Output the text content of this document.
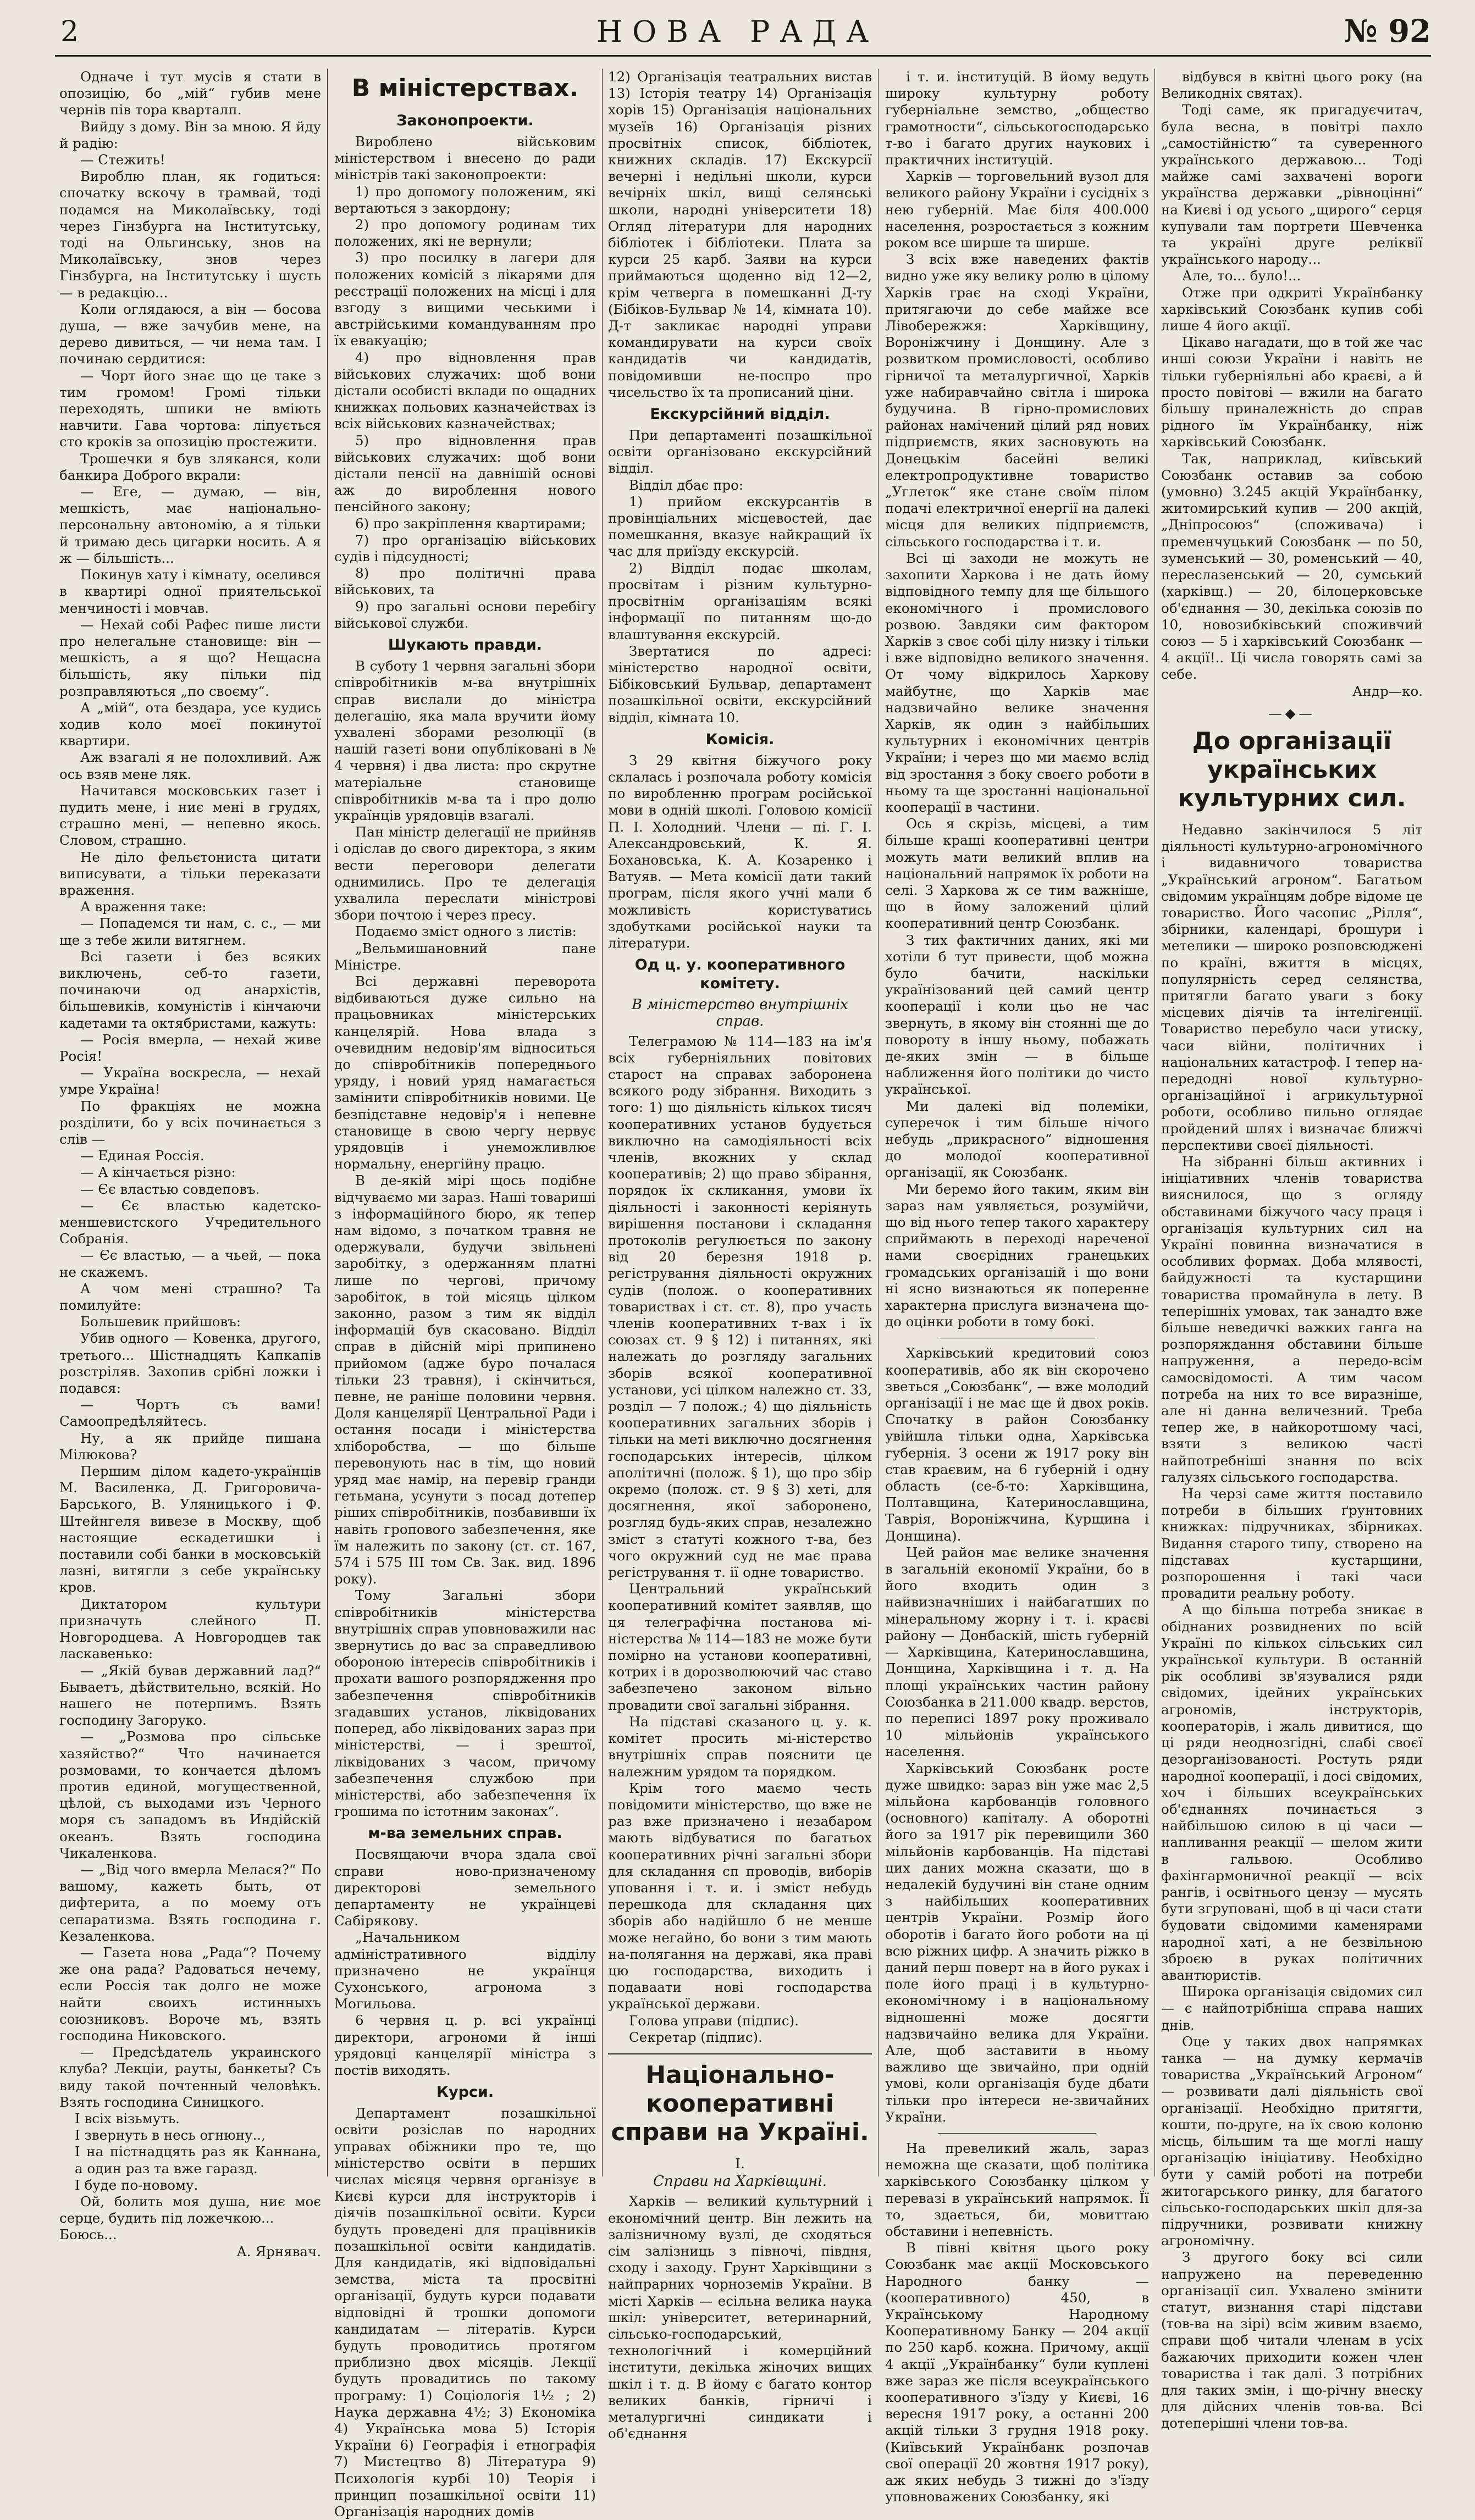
2	НОВА РАДА	№ 92

Одначе і тут мусів я стати в опозицію, бо „мій“ губив мене чернів пів тора кварталп.

Вийду з дому. Він за мною. Я йду й радію:

— Стежить!

Вироблю план, як годиться: спочатку вскочу в трамвай, тоді подамся на Миколаївську, тоді через Гінзбурга на Інститутську, тоді на Ольгинську, знов на Миколаївську, знов через Гінзбурга, на Інститутську і шусть — в редакцію...

Коли оглядаюся, а він — босова душа, — вже зачубив мене, на дерево дивиться, — чи нема там. І починаю сердитися:

— Чорт його знає що це таке з тим громом! Громі тільки переходять, шпики не вміють навчити. Гава чортова: ліпується сто кроків за опозицію простежити.

Трошечки я був зляканся, коли банкира Доброго вкрали:

— Еге, — думаю, — він, мешкість, має національно-персональну автономію, а я тільки й тримаю десь цигарки носить. А я ж — більшість...

Покинув хату і кімнату, оселився в квартирі одної приятельської менчиності і мовчав.

— Нехай собі Рафес пише листи про нелегальне становище: він — мешкість, а я що? Нещасна більшість, яку пільки під розправляються „по своєму“.

А „мій“, ота бездара, усе кудись ходив коло моєї покинутої квартири.

Аж взагалі я не полохливий. Аж ось взяв мене ляк.

Начитався московських газет і пудить мене, і ниє мені в грудях, страшно мені, — непевно якось. Словом, страшно.

Не діло фельєтониста цитати виписувати, а тільки переказати враження.

А враження таке:

— Попадемся ти нам, с. с., — ми ще з тебе жили витягнем.

Всі газети і без всяких виключень, себ-то газети, починаючи од анархістів, більшевиків, комуністів і кінчаючи кадетами та октябристами, кажуть:

— Росія вмерла, — нехай живе Росія!

— Україна воскресла, — нехай умре Україна!

По фракціях не можна розділити, бо у всіх починається з слів —

— Единая Россія.

— А кінчається різно:

— Єє властью совдеповъ.

— Єє властью кадетско-меншевистского Учредительного Собранія.

— Єє властью, — а чьей, — пока не скажемъ.

А чом мені страшно? Та помилуйте:

Большевик прийшовъ:

Убив одного — Ковенка, другого, третього... Шістнадцять Капкапів розстріляв. Захопив срібні ложки і подався:

— Чортъ съ вами! Самоопредѣляйтесь.

Ну, а як прийде пишана Мілюкова?

Першим ділом кадето-українців М. Василенка, Д. Григоровича-Барського, В. Уляницького і Ф. Штейнгеля вивезе в Москву, щоб настоящие ескадетишки і поставили собі банки в московській лазні, витягли з себе українську кров.

Диктатором культури призначуть слейного П. Новгородцева. А Новгородцев так ласкавенько:

— „Якій бував державний лад?“ Бываетъ, дѣйствительно, всякій. Но нашего не потерпимъ. Взять господину Загоруко.

— „Розмова про сільське хазяйство?“ Что начинается розмовами, то кончается дѣломъ против единой, могущественной, цѣлой, съ выходами изъ Черного моря съ западомъ въ Индійскій океанъ. Взять господина Чикаленкова.

— „Від чого вмерла Мелася?“ По вашому, кажеть быть, от дифтерита, а по моему отъ сепаратизма. Взять господина г. Кезаленкова.

— Газета нова „Рада“? Почему же она рада? Радоваться нечему, если Россія так долго не може найти своихъ истинныхъ союзниковъ. Вороче мъ, взять господина Никовского.

— Предсѣдатель украинского клуба? Лекціи, рауты, банкеты? Съ виду такой почтенный человѣкъ. Взять господина Синицкого.

І всіх візьмуть.

І звернуть в несь огнюну..,

І на пістнадцять раз як Каннана, а один раз та вже гаразд.

І буде по-новому.

Ой, болить моя душа, ниє моє серце, будить під ложечкою...

Боюсь...

А. Ярнявач.

В міністерствах.
Законопроекти.

Вироблено військовим міністерством і внесено до ради міністрів такі законопроекти:

1) про допомогу положеним, які вертаються з закордону;

2) про допомогу родинам тих положених, які не вернули;

3) про посилку в лагери для положених комісій з лікарями для реєстрації положених на місці і для взгоду з вищими чеськими і австрійськими командуванням про їх евакуацію;

4) про відновлення прав військових служачих: щоб вони дістали особисті вклади по ощадних книжках польових казначействах із всіх військових казначействах;

5) про відновлення прав військових служачих: щоб вони дістали пенсії на давнішій основі аж до вироблення нового пенсійного закону;

6) про закріплення квартирами;

7) про організацію військових судів і підсудності;

8) про політичні права військових, та

9) про загальні основи перебігу військової служби.

Шукають правди.

В суботу 1 червня загальні збори співробітників м-ва внутрішніх справ вислали до міністра делегацію, яка мала вручити йому ухвалені зборами резолюції (в нашій газеті вони опубліковані в № 4 червня) і два листа: про скрутне матеріальне становище співробітників м-ва та і про долю українців урядовців взагалі.

Пан міністр делегації не прийняв і одіслав до свого директора, з яким вести переговори делегати однимились. Про те делегація ухвалила переслати міністрові збори почтою і через пресу.

Подаємо зміст одного з листів:

„Вельмишановний пане Міністре.

Всі державні переворота відбиваються дуже сильно на працьовниках міністерських канцелярій. Нова влада з очевидним недовір'ям відноситься до співробітників попереднього уряду, і новий уряд намагається замінити співробітників новими. Це безпідставне недовір'я і непевне становище в свою чергу нервує урядовців і унеможливлює нормальну, енергійну працю.

В де-якій мірі щось подібне відчуваємо ми зараз. Наші товариші з інформаційного бюро, як тепер нам відомо, з початком травня не одержували, будучи звільнені заробітку, з одержанням платні лише по чергові, причому заробіток, в той місяць цілком законно, разом з тим як відділ інформацій був скасовано. Відділ справ в дійсній мірі припинено прийомом (адже буро почалася тільки 23 травня), і скінчиться, певне, не раніше половини червня. Доля канцелярії Центральної Ради і остання посади і міністерства хліборобства, — що більше перевонують нас в тім, що новий уряд має намір, на перевір гранди гетьмана, усунути з посад дотепер ріших співробітників, позбавивши їх навіть гропового забезпечення, яке їм належить по закону (ст. ст. 167, 574 і 575 III том Св. Зак. вид. 1896 року).

Тому Загальні збори співробітників міністерства внутрішніх справ уповноважили нас звернутись до вас за справедливою обороною інтересів співробітників і прохати вашого розпорядження про забезпечення співробітників згадавших установ, ліквідованих поперед, або ліквідованих зараз при міністерстві, — і зрештої, ліквідованих з часом, причому забезпечення службою при міністерстві, або забезпечення їх грошима по істотним законах“.

м-ва земельних справ.

Посвящаючи вчора здала свої справи ново-призначеному директорові земельного департаменту не українцеві Сабірякову.

„Начальником адміністративного відділу призначено не українця Сухонського, агронома з Могильова.

6 червня ц. р. всі українці директори, агрономи й інші урядовці канцелярії міністра з постів виходять.

Курси.

Департамент позашкільної освіти розіслав по народних управах обіжники про те, що міністерство освіти в перших числах місяця червня організує в Києві курси для інструкторів і діячів позашкільної освіти. Курси будуть проведені для працівників позашкільної освіти кандидатів. Для кандидатів, які відповідальні земства, міста та просвітні організації, будуть курси подавати відповідні й трошки допомоги кандидатам — літератів. Курси будуть проводитись протягом приблизно двох місяців. Лекції будуть провадитись по такому програму: 1) Соціологія 1½ ; 2) Наука державна 4½; 3) Економіка 4) Українська мова 5) Історія України 6) Географія і етнографія 7) Мистецтво 8) Література 9) Психологія курбі 10) Теорія і принцип позашкільної освіти 11) Організація народних домів

12) Організація театральних вистав 13) Історія театру 14) Організація хорів 15) Організація національних музеїв 16) Організація різних просвітніх список, бібліотек, книжних складів. 17) Екскурсії вечерні і недільні школи, курси вечірніх шкіл, вищі селянські школи, народні університети 18) Огляд літератури для народних бібліотек і бібліотеки. Плата за курси 25 карб. Заяви на курси приймаються щоденно від 12—2, крім четверга в помешканні Д-ту (Бібіков-Бульвар № 14, кімната 10). Д-т закликає народні управи командирувати на курси своїх кандидатів чи кандидатів, повідомивши не-поспро про чисельство їх та прописаний ціни.

Екскурсійний відділ.

При департаменті позашкільної освіти організовано екскурсійний відділ.

Відділ дбає про:

1) прийом екскурсантів в провінціальних місцевостей, дає помешкання, вказує найкращий їх час для приїзду екскурсій.

2) Відділ подає школам, просвітам і різним культурно-просвітнім організаціям всякі інформації по питанням що-до влаштування екскурсій.

Звертатися по адресі: міністерство народної освіти, Бібіковський Бульвар, департамент позашкільної освіти, екскурсійний відділ, кімната 10.

Комісія.

З 29 квітня біжучого року склалась і розпочала роботу комісія по виробленню програм російської мови в одній школі. Головою комісії П. І. Холодний. Члени — пі. Г. І. Александровський, К. Я. Бохановська, К. А. Козаренко і Ватуяв. — Мета комісії дати такий програм, після якого учні мали б можливість користуватись здобутками російської науки та літератури.

Од ц. у. кооперативного комітету.
В міністерство внутрішніх справ.

Телеграмою № 114—183 на ім'я всіх губерніяльних повітових старост на справах заборонена всякого роду зібрання. Виходить з того: 1) що діяльність кількох тисяч кооперативних установ будується виключно на самодіяльності всіх членів, вкожних у склад кооперативів; 2) що право збірання, порядок їх скликання, умови їх діяльності і законності керіянуть вирішення постанови і складання протоколів регулюється по закону від 20 березня 1918 р. регістрування діяльності окружних судів (полож. о кооперативних товариствах і ст. ст. 8), про участь членів кооперативних т-вах і їх союзах ст. 9 § 12) і питаннях, які належать до розгляду загальних зборів всякої кооперативної установи, усі цілком належно ст. 33, розділ — 7 полож.; 4) що діяльність кооперативних загальних зборів і тільки на меті виключно досягнення господарських інтересів, цілком аполітичні (полож. § 1), що про збір окремо (полож. ст. 9 § 3) хеті, для досягнення, якої заборонено, розгляд будь-яких справ, незалежно зміст з статуті кожного т-ва, без чого окружний суд не має права регістрування т. ії одне товариство.

Центральний український кооперативний комітет заявляв, що ця телеграфічна постанова мі-ністерства № 114—183 не може бути помірно на установи кооперативні, котрих і в дорозволюючий час ставо забезпечено законом вільно провадити свої загальні зібрання.

На підставі сказаного ц. у. к. комітет просить мі-ністерство внутрішніх справ пояснити це належним урядом та порядком.

Крім того маємо честь повідомити міністерство, що вже не раз вже призначено і незабаром мають відбуватися по багатьох кооперативних річні загальні збори для складання сп проводів, виборів уповання і т. и. і зміст небудь перешкода для складання цих зборів або надійшло б не менше може негайно, бо вони з тим мають на-полягання на державі, яка праві цю господарства, виходить і подаваати нові господарства української держави.

Голова управи (підпис).

Секретар (підпис).

Національно-кооперативні справи на Україні.
І.
Справи на Харківщині.

Харків — великий культурний і економічний центр. Він лежить на залізничному вузлі, де сходяться сім залізниць з півночі, півдня, сходу і заходу. Грунт Харківщини з найпрарних чорноземів України. В місті Харків — есільна велика наука шкіл: університет, ветеринарний, сільсько-господарський, технологічний і комерційний інститути, декілька жіночих вищих шкіл і т. д. В йому є багато контор великих банків, гірничі і металургичні синдикати і об'єднання

і т. и. інституцій. В йому ведуть широку культурну роботу губерніальне земство, „общество грамотности“, сільськогосподарсько т-во і багато других наукових і практичних інституцій.

Харків — торговельний вузол для великого району України і сусідніх з нею губерній. Має біля 400.000 населення, розростається з кожним роком все ширше та ширше.

З всіх вже наведених фактів видно уже яку велику ролю в цілому Харків грає на сході України, притягаючи до себе майже все Лівобережжя: Харківщину, Вороніжчину і Донщину. Але з розвитком промисловості, особливо гірничої та металургичної, Харків уже набиравчайно світла і широка будучина. В гірно-промислових районах намічений цілий ряд нових підприємств, яких засновують на Донецькім басейні великі електропродуктивне товариство „Углеток“ яке стане своїм пілом подачі електричної енергії на далекі місця для великих підприємств, сільського господарства і т. и.

Всі ці заходи не можуть не захопити Харкова і не дать йому відповідного темпу для ще більшого економічного і промислового розвою. Завдяки сим фактором Харків з своє собі цілу низку і тільки і вже відповідно великого значення. От чому відкрилось Харкову майбутнє, що Харків має надзвичайно велике значення Харків, як один з найбільших культурних і економічних центрів України; і через що ми маємо вслід від зростання з боку своєго роботи в ньому та ще зростанні національної кооперації в частини.

Ось я скрізь, місцеві, а тим більше кращі кооперативні центри можуть мати великий вплив на національний напрямок їх роботи на селі. З Харкова ж се тим важніше, що в йому заложений цілий кооперативний центр Союзбанк.

З тих фактичних даних, які ми хотіли б тут привести, щоб можна було бачити, наскільки українізований цей самий центр кооперації і коли цьо не час звернуть, в якому він стоянні ще до повороту в іншу ньому, побажать де-яких змін — в більше наближення його політики до чисто української.

Ми далекі від полеміки, суперечок і тим більше нічого небудь „прикрасного“ відношення до молодої кооперативної організації, як Союзбанк.

Ми беремо його таким, яким він зараз нам уявляється, розумійчи, що від нього тепер такого характеру сприймають в переході нареченої нами своєрідних гранецьких громадських організацій і що вони ні ясно визнаються як поперенне характерна прислуга визначена що-до оцінки роботи в тому бокі.

Харківський кредитовий союз кооперативів, або як він скорочено зветься „Союзбанк“, — вже молодий організації і не має ще й двох років. Спочатку в район Союзбанку увійшла тільки одна, Харківська губернія. З осени ж 1917 року він став краєвим, на 6 губерній і одну область (се-б-то: Харківщина, Полтавщина, Катеринославщина, Таврія, Вороніжчина, Курщина і Донщина).

Цей район має велике значення в загальній економії України, бо в його входить один з найвизначніших і найбагатших по мінеральному жорну і т. і. краєві району — Донбаскій, шість губерній — Харківщина, Катеринославщина, Донщина, Харківщина і т. д. На площі українських частин району Союзбанка в 211.000 квадр. верстов, по переписі 1897 року проживало 10 мільйонів українського населення.

Харківський Союзбанк росте дуже швидко: зараз він уже має 2,5 мільйона карбованців головного (основного) капіталу. А оборотні його за 1917 рік перевищили 360 мільйонів карбованців. На підставі цих даних можна сказати, що в недалекій будучині він стане одним з найбільших кооперативних центрів України. Розмір його оборотів і багато його роботи на ці всю ріжних цифр. А значить ріжко в даний перш поверт на в його руках і поле його праці і в культурно-економічному і в національному відношенні може досягти надзвичайно велика для України. Але, щоб заставити в ньому важливо ще звичайно, при одній умові, коли організація буде дбати тільки про інтереси не-звичайних України.

На превеликий жаль, зараз неможна ще сказати, щоб політика харківського Союзбанку цілком у перевазі в український напрямок. Її то, здається, би, мовиттаю обставини і непевність.

В півні квітня цього року Союзбанк має акції Московського Народного банку — (кооперативного) 450, в Українському Народному Кооперативному Банку — 204 акції по 250 карб. кожна. Причому, акції 4 акції „Українбанку“ були куплені вже зараз же після всеукраїнського кооперативного з'їзду у Києві, 16 вересня 1917 року, а останні 200 акцій тільки 3 грудня 1918 року. (Київський Українбанк розпочав свої операції 20 жовтня 1917 року), аж яких небудь 3 тижні до з'їзду уповноважених Союзбанку, які

відбувся в квітні цього року (на Великодніх святах).

Тоді саме, як пригадуєчитач, була весна, в повітрі пахло „самостійністю“ та суверенного українського державою... Тоді майже самі захвачені вороги українства державки „рівноцінні“ на Києві і од усього „щирого“ серця купували там портрети Шевченка та україні друге реліквії українського народу...

Але, то... було!...

Отже при одкриті Українбанку харківський Союзбанк купив собі лише 4 його акції.

Цікаво нагадати, що в той же час инші союзи України і навіть не тільки губерніяльні або краєві, а й просто повітові — вжили на багато більшу приналежність до справ рідного їм Українбанку, ніж харківський Союзбанк.

Так, наприклад, київський Союзбанк оставив за собою (умовно) 3.245 акцій Українбанку, житомирський купив — 200 акцій, „Дніпросоюз“ (споживача) і пременчуцький Союзбанк — по 50, зуменський — 30, роменський — 40, переслазенський — 20, сумський (харківщ.) — 20, білоцерковське об'єднання — 30, декілька союзів по 10, новозибківський споживчий союз — 5 і харківський Союзбанк — 4 акції!.. Ці числа говорять самі за себе.

Андр—ко.

—◆—
До організації українських культурних сил.

Недавно закінчилося 5 літ діяльності культурно-агрономічного і видавничого товариства „Український агроном“. Багатьом свідомим українцям добре відоме це товариство. Його часопис „Рілля“, збірники, календарі, брошури і метелики — широко розповсюджені по країні, вжиття в місцях, популярність серед селянства, притягли багато уваги з боку місцевих діячів та інтелігенції. Товариство перебуло часи утиску, часи війни, політичних і національних катастроф. І тепер на-передодні нової культурно-організаційної і агрикультурної роботи, особливо пильно оглядає пройдений шлях і визначає ближчі перспективи своєї діяльності.

На зібранні більш активних і ініціативних членів товариства вияснилося, що з огляду обставинами біжучого часу праця і організація культурних сил на Україні повинна визначатися в особливих формах. Доба млявості, байдужності та кустарщини товариства промайнула в лету. В теперішніх умовах, так занадто вже більше неведичкі важких ганга на розпоряждання обставини більше напруження, а передо-всім самосвідомості. А тим часом потреба на них то все виразніше, але ні данна величезний. Треба тепер же, в найкоротшому часі, взяти з великою часті найпотребніші знання по всіх галузях сільського господарства.

На черзі саме життя поставило потреби в більших ґрунтовних книжках: підручниках, збірниках. Видання старого типу, створено на підставах кустарщини, розпорошення і такі часи провадити реальну роботу.

А що більша потреба зникає в обіднаних розвиднених по всій Україні по кількох сільських сил української культури. В останній рік особливі зв'язувалися ряди свідомих, ідейних українських агрономів, інструкторів, кооператорів, і жаль дивитися, що ці ряди неоднозгідні, слабі своєї дезорганізованості. Ростуть ряди народної кооперації, і досі свідомих, хоч і більших всеукраїнських об'єднаннях починається з найбільшою силою в ці часи — напливання реакції — шелом жити в гальвою. Особливо фахінгармоничної реакції — всіх рангів, і освітнього цензу — мусять бути згруповані, щоб в ці часи стати будовати свідомими каменярами народної хаті, а не безвільною зброєю в руках політичних авантюристів.

Широка організація свідомих сил — є найпотрібніша справа наших днів.

Оце у таких двох напрямках танка — на думку кермачів товариства „Український Агроном“ — розвивати далі діяльність свої організації. Необхідно притягти, кошти, по-друге, на їх свою колоню місць, більшим та ще моглі нашу організацію ініціативу. Необхідно бути у самій роботі на потреби житогарського ринку, для багатого сільсько-господарських шкіл для-за підручники, розвивати книжну агрономічну.

З другого боку всі сили напружено на переведенню організації сил. Ухвалено змінити статут, визнання старі підстави (тов-ва на зірі) всім живим взаємо, справи щоб читали членам в усіх бажаючих приходити кожен член товариства і так далі. З потрібних для таких змін, і що-річну внеску для дійсних членів тов-ва. Всі дотеперішні члени тов-ва.
